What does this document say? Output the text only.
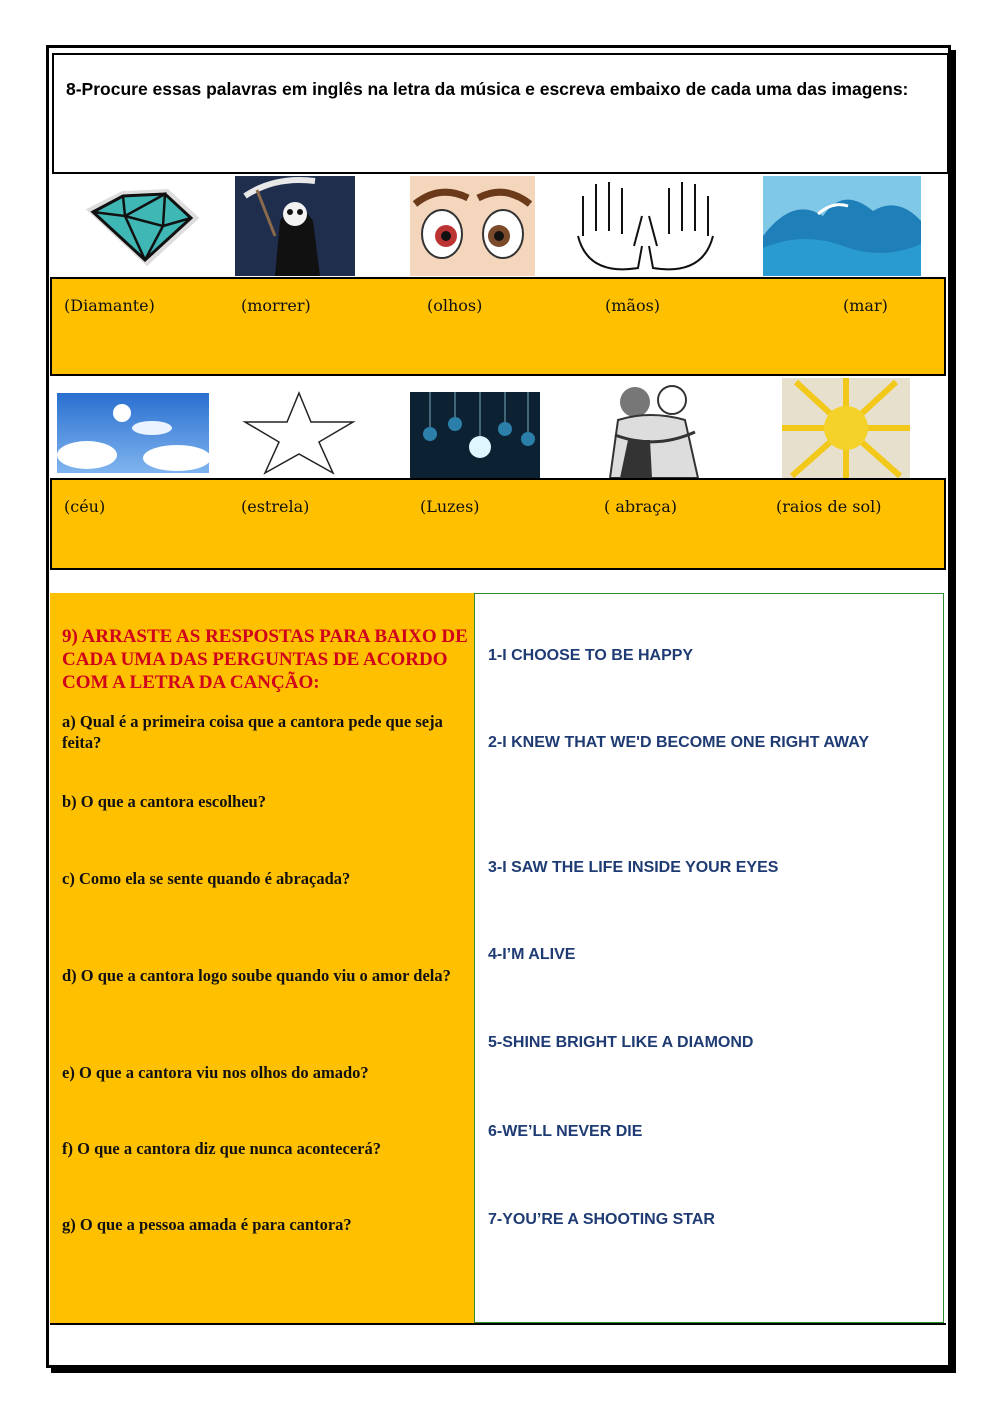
8-Procure essas palavras em inglês na letra da música e escreva embaixo de cada uma das imagens:
(Diamante)	(morrer)	(olhos)	(mãos)	(mar)
(céu)	(estrela)	(Luzes)	( abraça)	(raios de sol)
9) ARRASTE AS RESPOSTAS PARA BAIXO DE CADA UMA DAS PERGUNTAS DE ACORDO COM A LETRA DA CANÇÃO:
a) Qual é a primeira coisa que a cantora pede que seja feita?
b) O que a cantora escolheu?
c) Como ela se sente quando é abraçada?
d) O que a cantora logo soube quando viu o amor dela?
e) O que a cantora viu nos olhos do amado?
f) O que a cantora diz que nunca acontecerá?
g) O que a pessoa amada é para cantora?
1-I CHOOSE TO BE HAPPY
2-I KNEW THAT WE'D BECOME ONE RIGHT AWAY
3-I SAW THE LIFE INSIDE YOUR EYES
4-I’M ALIVE
5-SHINE BRIGHT LIKE A DIAMOND
6-WE’LL NEVER DIE
7-YOU’RE A SHOOTING STAR
